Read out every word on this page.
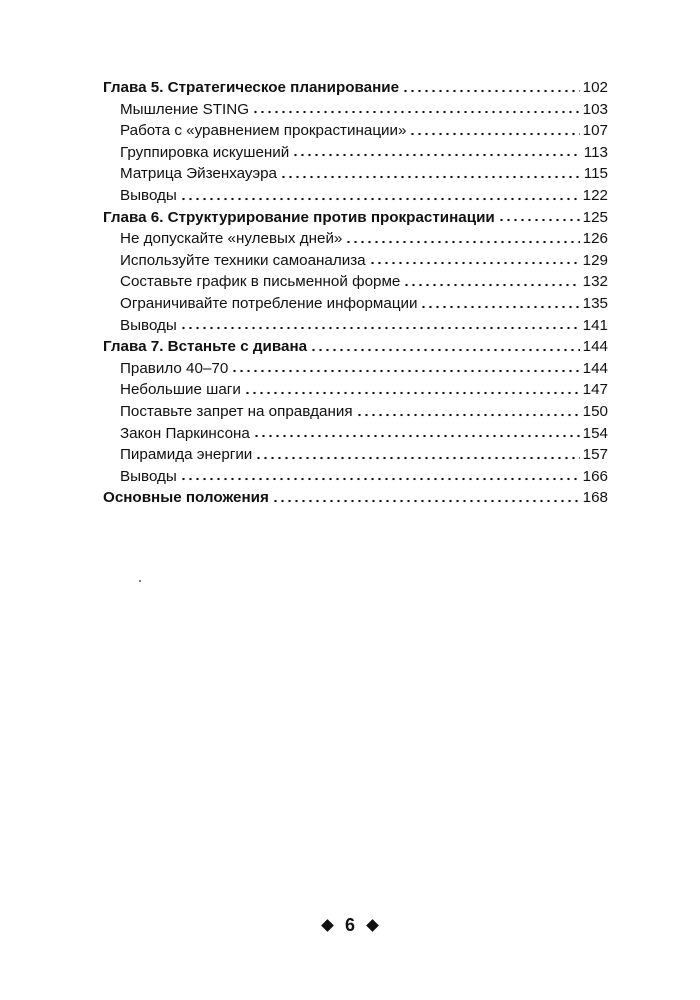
Глава 5. Стратегическое планирование	102
Мышление STING	103
Работа с «уравнением прокрастинации»	107
Группировка искушений	113
Матрица Эйзенхауэра	115
Выводы	122
Глава 6. Структурирование против прокрастинации	125
Не допускайте «нулевых дней»	126
Используйте техники самоанализа	129
Составьте график в письменной форме	132
Ограничивайте потребление информации	135
Выводы	141
Глава 7. Встаньте с дивана	144
Правило 40–70	144
Небольшие шаги	147
Поставьте запрет на оправдания	150
Закон Паркинсона	154
Пирамида энергии	157
Выводы	166
Основные положения	168
6
